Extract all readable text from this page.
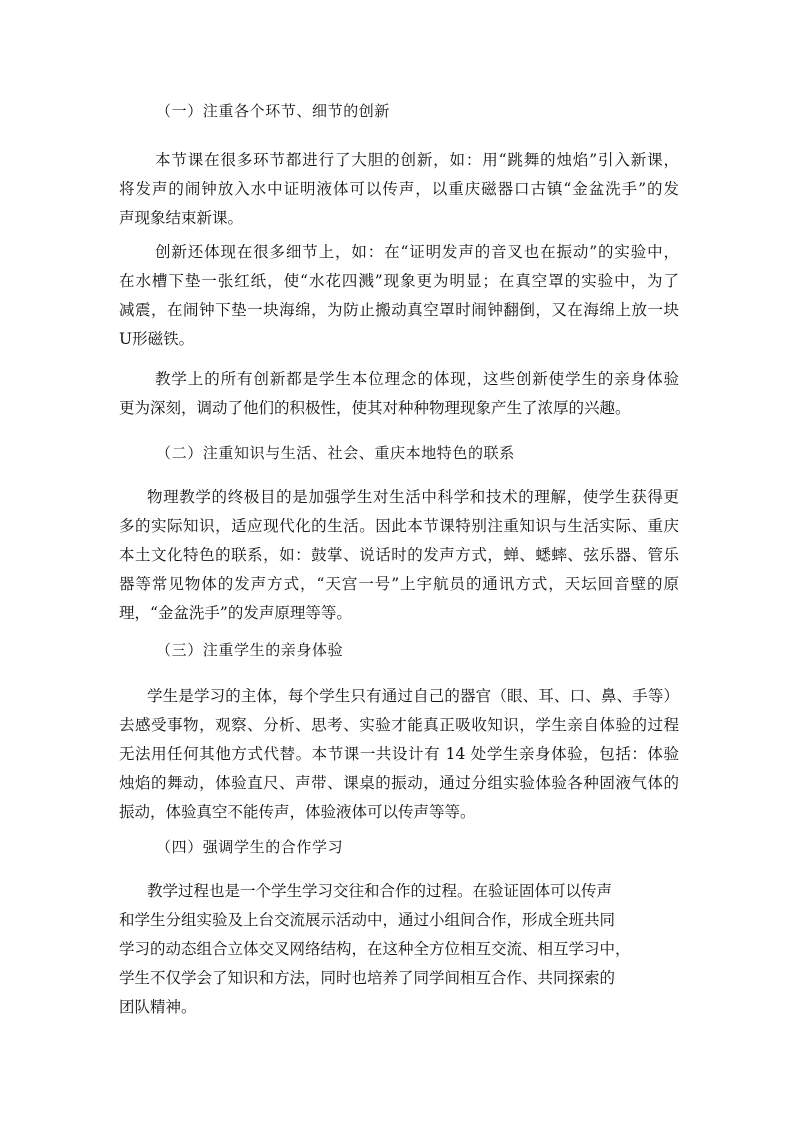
（一）注重各个环节、细节的创新
本节课在很多环节都进行了大胆的创新，如：用“跳舞的烛焰”引入新课，
将发声的闹钟放入水中证明液体可以传声，以重庆磁器口古镇“金盆洗手”的发
声现象结束新课。
创新还体现在很多细节上，如：在“证明发声的音叉也在振动”的实验中，
在水槽下垫一张红纸，使“水花四溅”现象更为明显；在真空罩的实验中，为了
减震，在闹钟下垫一块海绵，为防止搬动真空罩时闹钟翻倒，又在海绵上放一块
U形磁铁。
教学上的所有创新都是学生本位理念的体现，这些创新使学生的亲身体验
更为深刻，调动了他们的积极性，使其对种种物理现象产生了浓厚的兴趣。
（二）注重知识与生活、社会、重庆本地特色的联系
物理教学的终极目的是加强学生对生活中科学和技术的理解，使学生获得更
多的实际知识，适应现代化的生活。因此本节课特别注重知识与生活实际、重庆
本土文化特色的联系，如：鼓掌、说话时的发声方式，蝉、蟋蟀、弦乐器、管乐
器等常见物体的发声方式，“天宫一号”上宇航员的通讯方式，天坛回音壁的原
理，“金盆洗手”的发声原理等等。
（三）注重学生的亲身体验
学生是学习的主体，每个学生只有通过自己的器官（眼、耳、口、鼻、手等）
去感受事物，观察、分析、思考、实验才能真正吸收知识，学生亲自体验的过程
无法用任何其他方式代替。本节课一共设计有 14 处学生亲身体验，包括：体验
烛焰的舞动，体验直尺、声带、课桌的振动，通过分组实验体验各种固液气体的
振动，体验真空不能传声，体验液体可以传声等等。
（四）强调学生的合作学习
教学过程也是一个学生学习交往和合作的过程。在验证固体可以传声
和学生分组实验及上台交流展示活动中，通过小组间合作，形成全班共同
学习的动态组合立体交叉网络结构，在这种全方位相互交流、相互学习中，
学生不仅学会了知识和方法，同时也培养了同学间相互合作、共同探索的
团队精神。
